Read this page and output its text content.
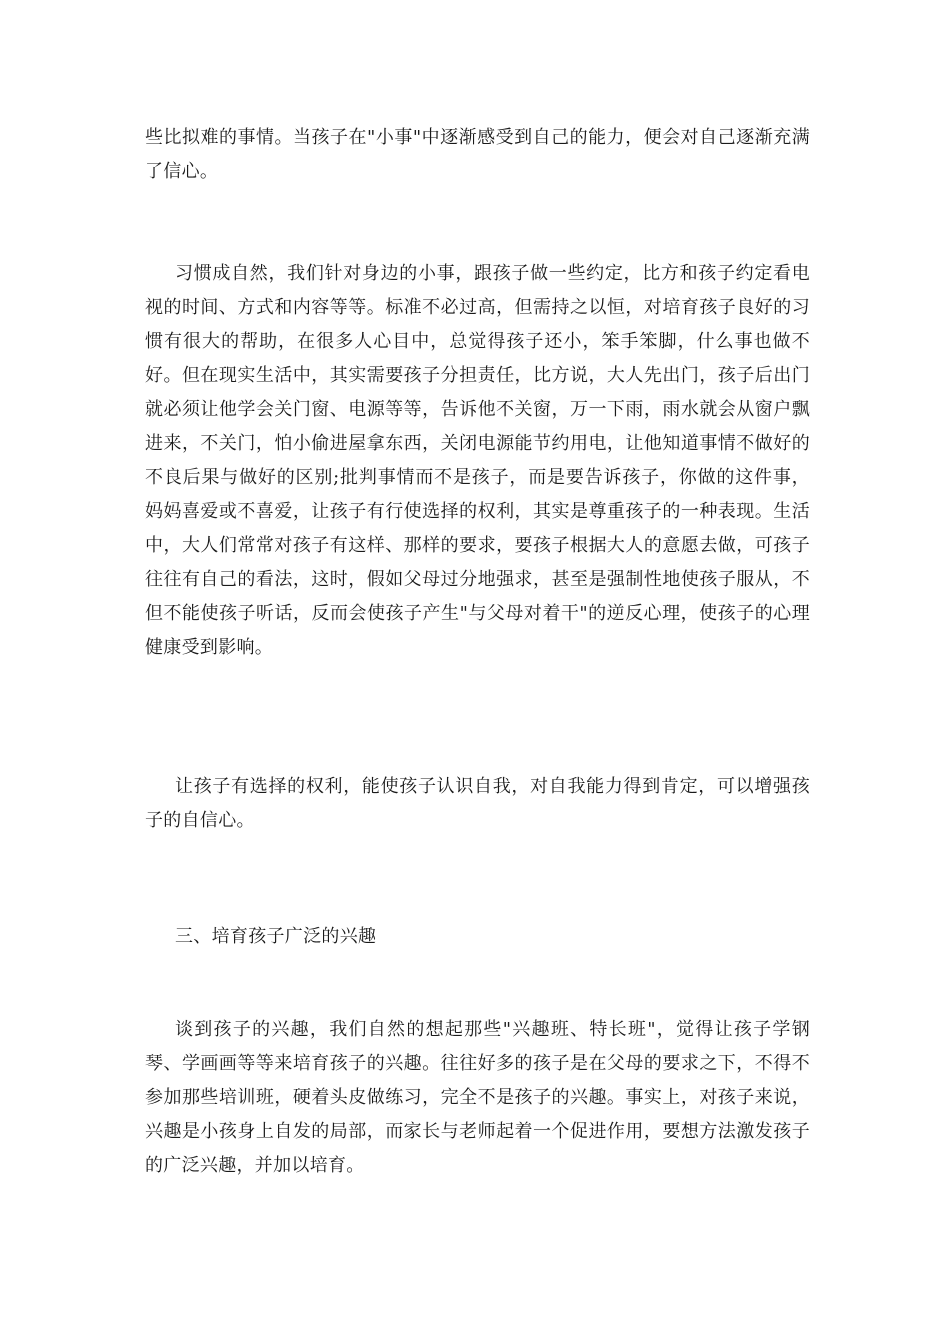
些比拟难的事情。当孩子在"小事"中逐渐感受到自己的能力，便会对自己逐渐充满了信心。

习惯成自然，我们针对身边的小事，跟孩子做一些约定，比方和孩子约定看电视的时间、方式和内容等等。标准不必过高，但需持之以恒，对培育孩子良好的习惯有很大的帮助，在很多人心目中，总觉得孩子还小，笨手笨脚，什么事也做不好。但在现实生活中，其实需要孩子分担责任，比方说，大人先出门，孩子后出门就必须让他学会关门窗、电源等等，告诉他不关窗，万一下雨，雨水就会从窗户飘进来，不关门，怕小偷进屋拿东西，关闭电源能节约用电，让他知道事情不做好的不良后果与做好的区别;批判事情而不是孩子，而是要告诉孩子，你做的这件事，妈妈喜爱或不喜爱，让孩子有行使选择的权利，其实是尊重孩子的一种表现。生活中，大人们常常对孩子有这样、那样的要求，要孩子根据大人的意愿去做，可孩子往往有自己的看法，这时，假如父母过分地强求，甚至是强制性地使孩子服从，不但不能使孩子听话，反而会使孩子产生"与父母对着干"的逆反心理，使孩子的心理健康受到影响。

让孩子有选择的权利，能使孩子认识自我，对自我能力得到肯定，可以增强孩子的自信心。

三、培育孩子广泛的兴趣

谈到孩子的兴趣，我们自然的想起那些"兴趣班、特长班"，觉得让孩子学钢琴、学画画等等来培育孩子的兴趣。往往好多的孩子是在父母的要求之下，不得不参加那些培训班，硬着头皮做练习，完全不是孩子的兴趣。事实上，对孩子来说，兴趣是小孩身上自发的局部，而家长与老师起着一个促进作用，要想方法激发孩子的广泛兴趣，并加以培育。
